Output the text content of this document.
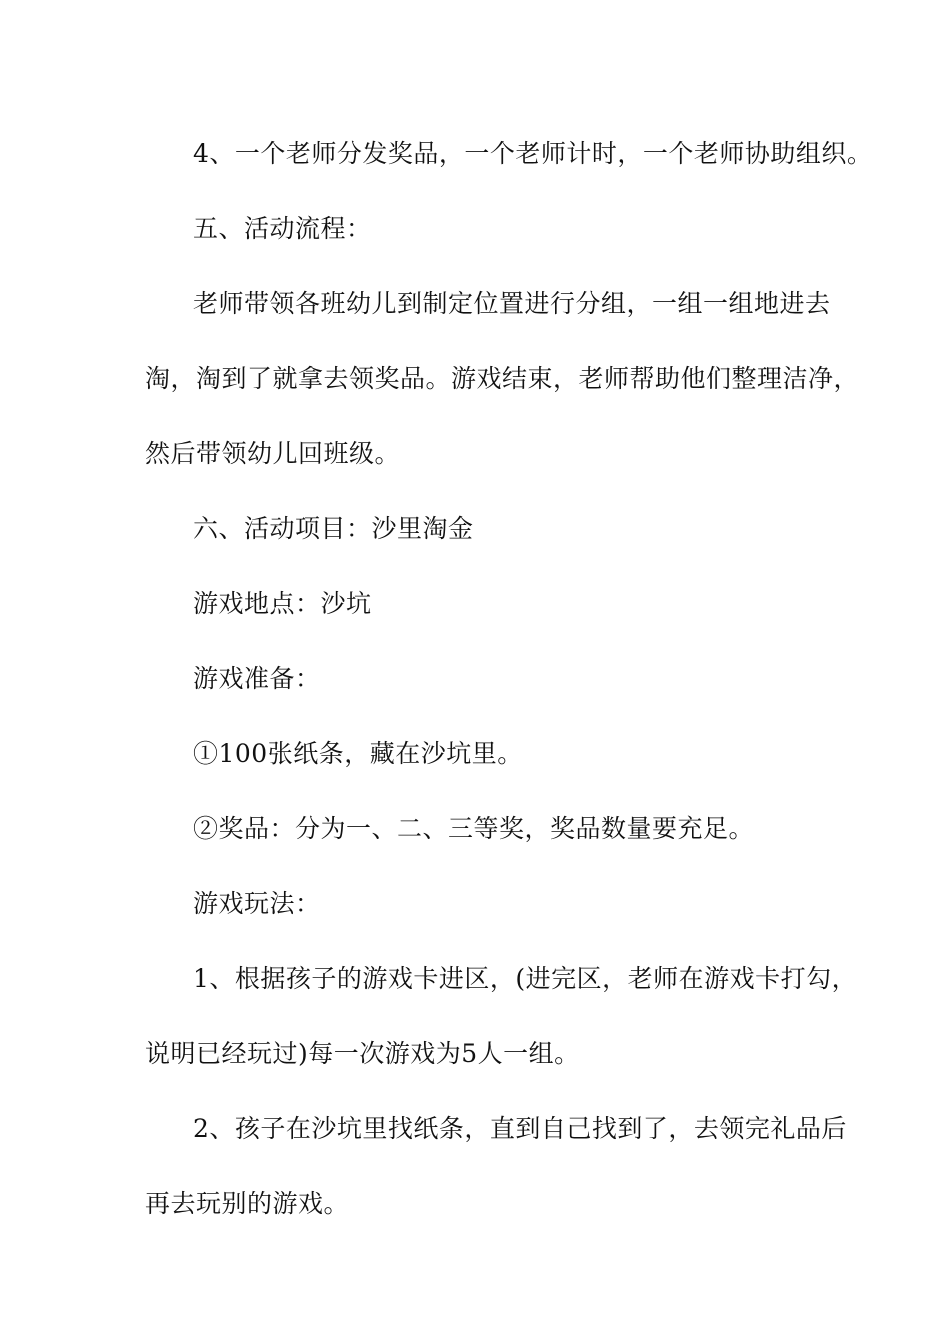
4、一个老师分发奖品，一个老师计时，一个老师协助组织。
五、活动流程：
老师带领各班幼儿到制定位置进行分组，一组一组地进去
淘，淘到了就拿去领奖品。游戏结束，老师帮助他们整理洁净，
然后带领幼儿回班级。
六、活动项目：沙里淘金
游戏地点：沙坑
游戏准备：
①100张纸条，藏在沙坑里。
②奖品：分为一、二、三等奖，奖品数量要充足。
游戏玩法：
1、根据孩子的游戏卡进区，(进完区，老师在游戏卡打勾，
说明已经玩过)每一次游戏为5人一组。
2、孩子在沙坑里找纸条，直到自己找到了，去领完礼品后
再去玩别的游戏。
